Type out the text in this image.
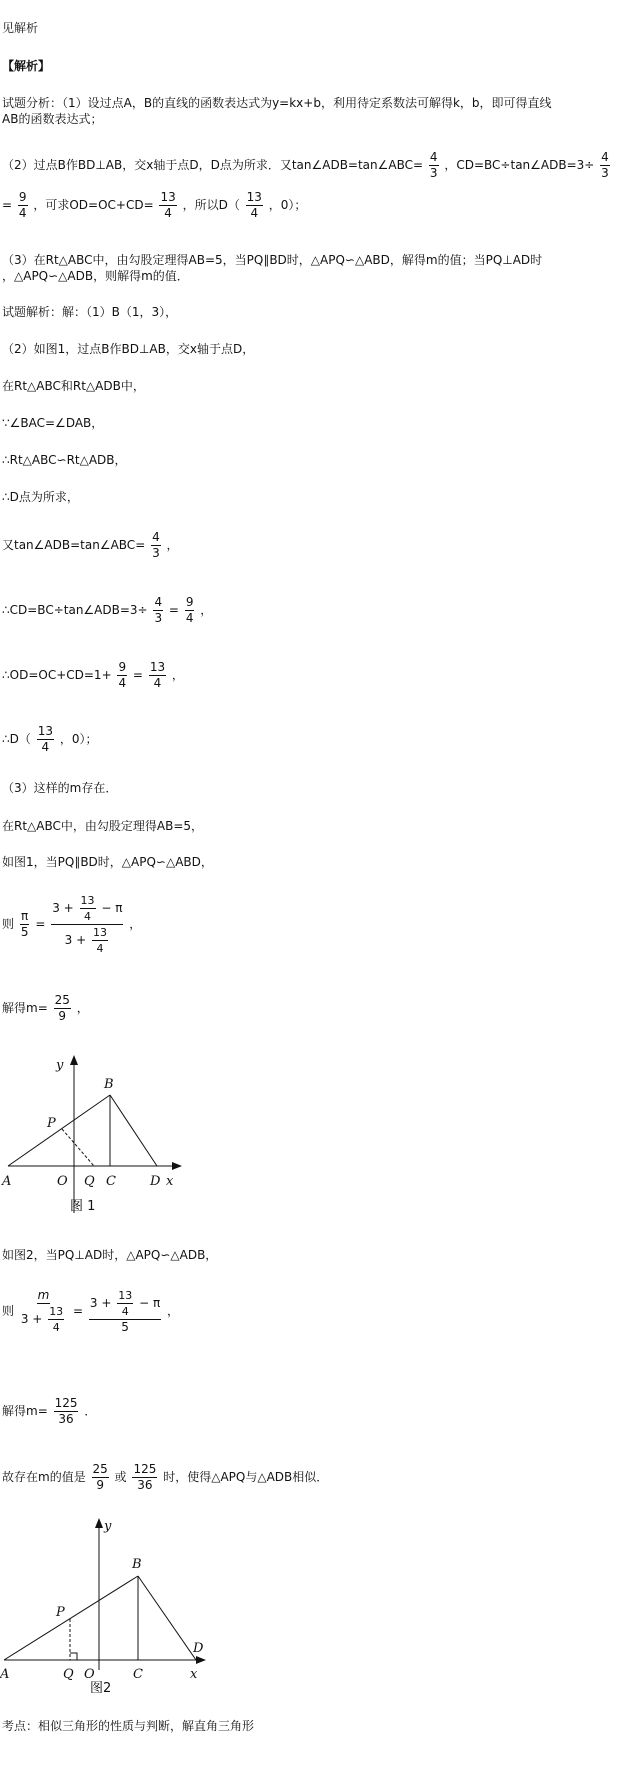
见解析
【解析】
试题分析：（1）设过点A，B的直线的函数表达式为y=kx+b，利用待定系数法可解得k，b，即可得直线
AB的函数表达式；
（2）过点B作BD⊥AB，交x轴于点D，D点为所求．又tan∠ADB=tan∠ABC= $\frac{4}{3}$ ，CD=BC÷tan∠ADB=3÷ $\frac{4}{3}$
= $\frac{9}{4}$ ，可求$OD=OC+CD= \frac{13}{4}$ ，所以$D( \frac{13}{4}$ ，0）；
（3）在Rt△ABC中，由勾股定理得AB=5，当PQ∥BD时，△APQ∽△ABD，解得m的值；当PQ⊥AD时
，△APQ∽△ADB，则解得m的值．
试题解析：解：（1）B（1，3），
（2）如图1，过点B作BD⊥AB，交x轴于点D，
在Rt△ABC和Rt△ADB中，
∵∠BAC=∠DAB，
∴Rt△ABC∽Rt△ADB，
∴D点为所求，
又tan∠ADB=tan∠ABC= $\frac{4}{3}$ ，
∴CD=BC÷tan∠ADB=3÷ $\frac{4}{3} = \frac{9}{4}$ ，
∴OD=OC+CD=1+ $\frac{9}{4} = \frac{13}{4}$ ，
∴D（ $\frac{13}{4}$ ，0）；
（3）这样的m存在．
在Rt△ABC中，由勾股定理得AB=5，
如图1，当PQ∥BD时，△APQ∽△ABD，
则 $\frac{\pi}{5} = \frac{3 + \frac{13}{4} - \pi}{3 + \frac{13}{4}}$ ，
解得$m= \frac{25}{9}$ ，
y
B
P
A	O Q C	D x
图 1
如图2，当PQ⊥AD时，△APQ∽△ADB，
则 $\frac{m}{3 + \frac{13}{4}} = \frac{3 + \frac{13}{4} - \pi}{5}$ ，
解得$m= \frac{125}{36}$ ．
故存在m的值是 $\frac{25}{9}$ 或 $\frac{125}{36}$ 时，使得△APQ与△ADB相似．
y
B
P
A	Q O	C
D
x
图2
考点：相似三角形的性质与判断，解直角三角形
